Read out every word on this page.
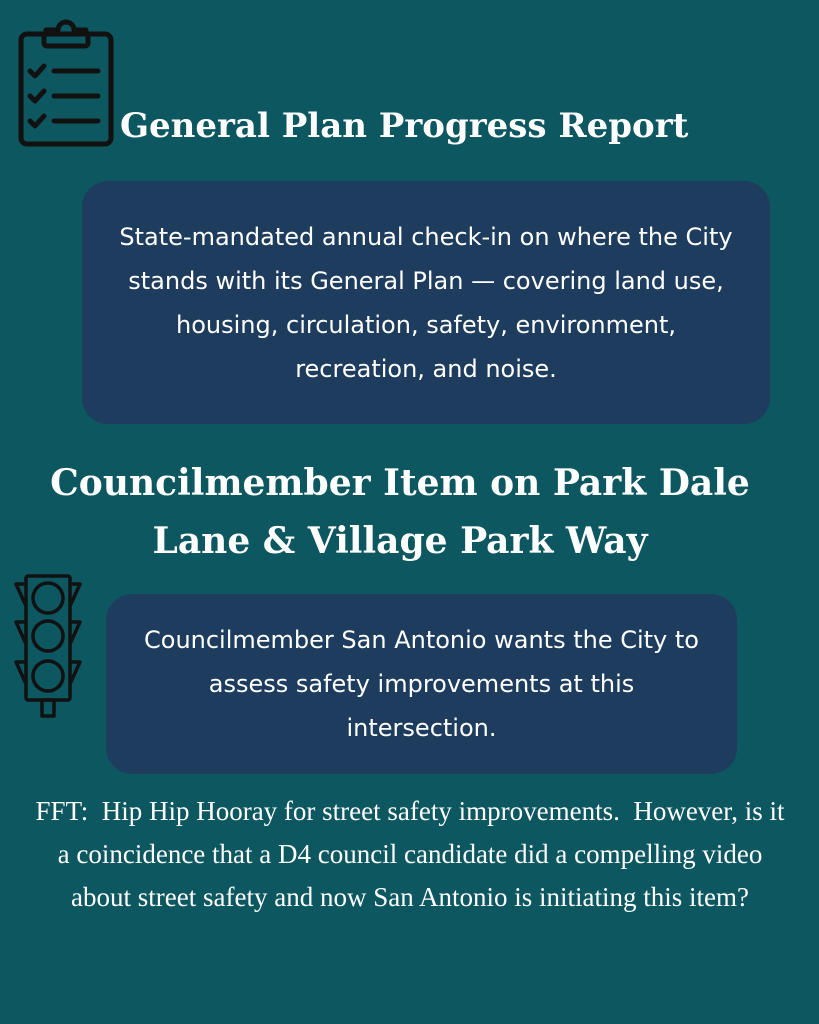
General Plan Progress Report
State-mandated annual check-in on where the City stands with its General Plan — covering land use, housing, circulation, safety, environment, recreation, and noise.
Councilmember Item on Park Dale Lane & Village Park Way
Councilmember San Antonio wants the City to assess safety improvements at this intersection.
FFT:  Hip Hip Hooray for street safety improvements.  However, is it a coincidence that a D4 council candidate did a compelling video about street safety and now San Antonio is initiating this item?
